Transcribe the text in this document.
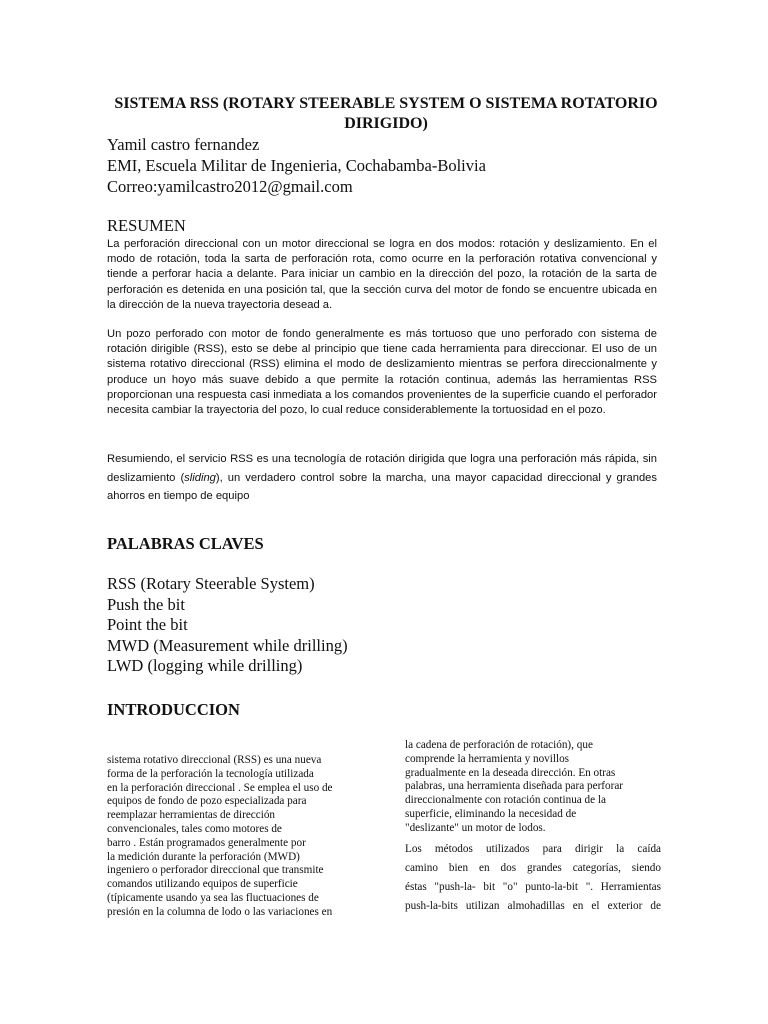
SISTEMA RSS (ROTARY STEERABLE SYSTEM O SISTEMA ROTATORIO DIRIGIDO)
Yamil castro fernandez
EMI, Escuela Militar de Ingenieria, Cochabamba-Bolivia
Correo:yamilcastro2012@gmail.com
RESUMEN
La perforación direccional con un motor direccional se logra en dos modos: rotación y deslizamiento. En el modo de rotación, toda la sarta de perforación rota, como ocurre en la perforación rotativa convencional y tiende a perforar hacia a delante. Para iniciar un cambio en la dirección del pozo, la rotación de la sarta de perforación es detenida en una posición tal, que la sección curva del motor de fondo se encuentre ubicada en la dirección de la nueva trayectoria desead a.
Un pozo perforado con motor de fondo generalmente es más tortuoso que uno perforado con sistema de rotación dirigible (RSS), esto se debe al principio que tiene cada herramienta para direccionar. El uso de un sistema rotativo direccional (RSS) elimina el modo de deslizamiento mientras se perfora direccionalmente y produce un hoyo más suave debido a que permite la rotación continua, además las herramientas RSS proporcionan una respuesta casi inmediata a los comandos provenientes de la superficie cuando el perforador necesita cambiar la trayectoria del pozo, lo cual reduce considerablemente la tortuosidad en el pozo.
Resumiendo, el servicio RSS es una tecnología de rotación dirigida que logra una perforación más rápida, sin deslizamiento (sliding), un verdadero control sobre la marcha, una mayor capacidad direccional y grandes ahorros en tiempo de equipo
PALABRAS CLAVES
RSS (Rotary Steerable System)
Push the bit
Point the bit
MWD (Measurement while drilling)
LWD (logging while drilling)
INTRODUCCION
sistema rotativo direccional (RSS) es una nueva
forma de la perforación la tecnología utilizada
en la perforación direccional . Se emplea el uso de
equipos de fondo de pozo especializada para
reemplazar herramientas de dirección
convencionales, tales como motores de
barro . Están programados generalmente por
la medición durante la perforación (MWD)
ingeniero o perforador direccional que transmite
comandos utilizando equipos de superficie
(típicamente usando ya sea las fluctuaciones de
presión en la columna de lodo o las variaciones en
la cadena de perforación de rotación), que
comprende la herramienta y novillos
gradualmente en la deseada dirección. En otras
palabras, una herramienta diseñada para perforar
direccionalmente con rotación continua de la
superficie, eliminando la necesidad de
"deslizante" un motor de lodos.
Los métodos utilizados para dirigir la caída
camino bien en dos grandes categorías, siendo
éstas "push-la- bit "o" punto-la-bit ". Herramientas
push-la-bits utilizan almohadillas en el exterior de
